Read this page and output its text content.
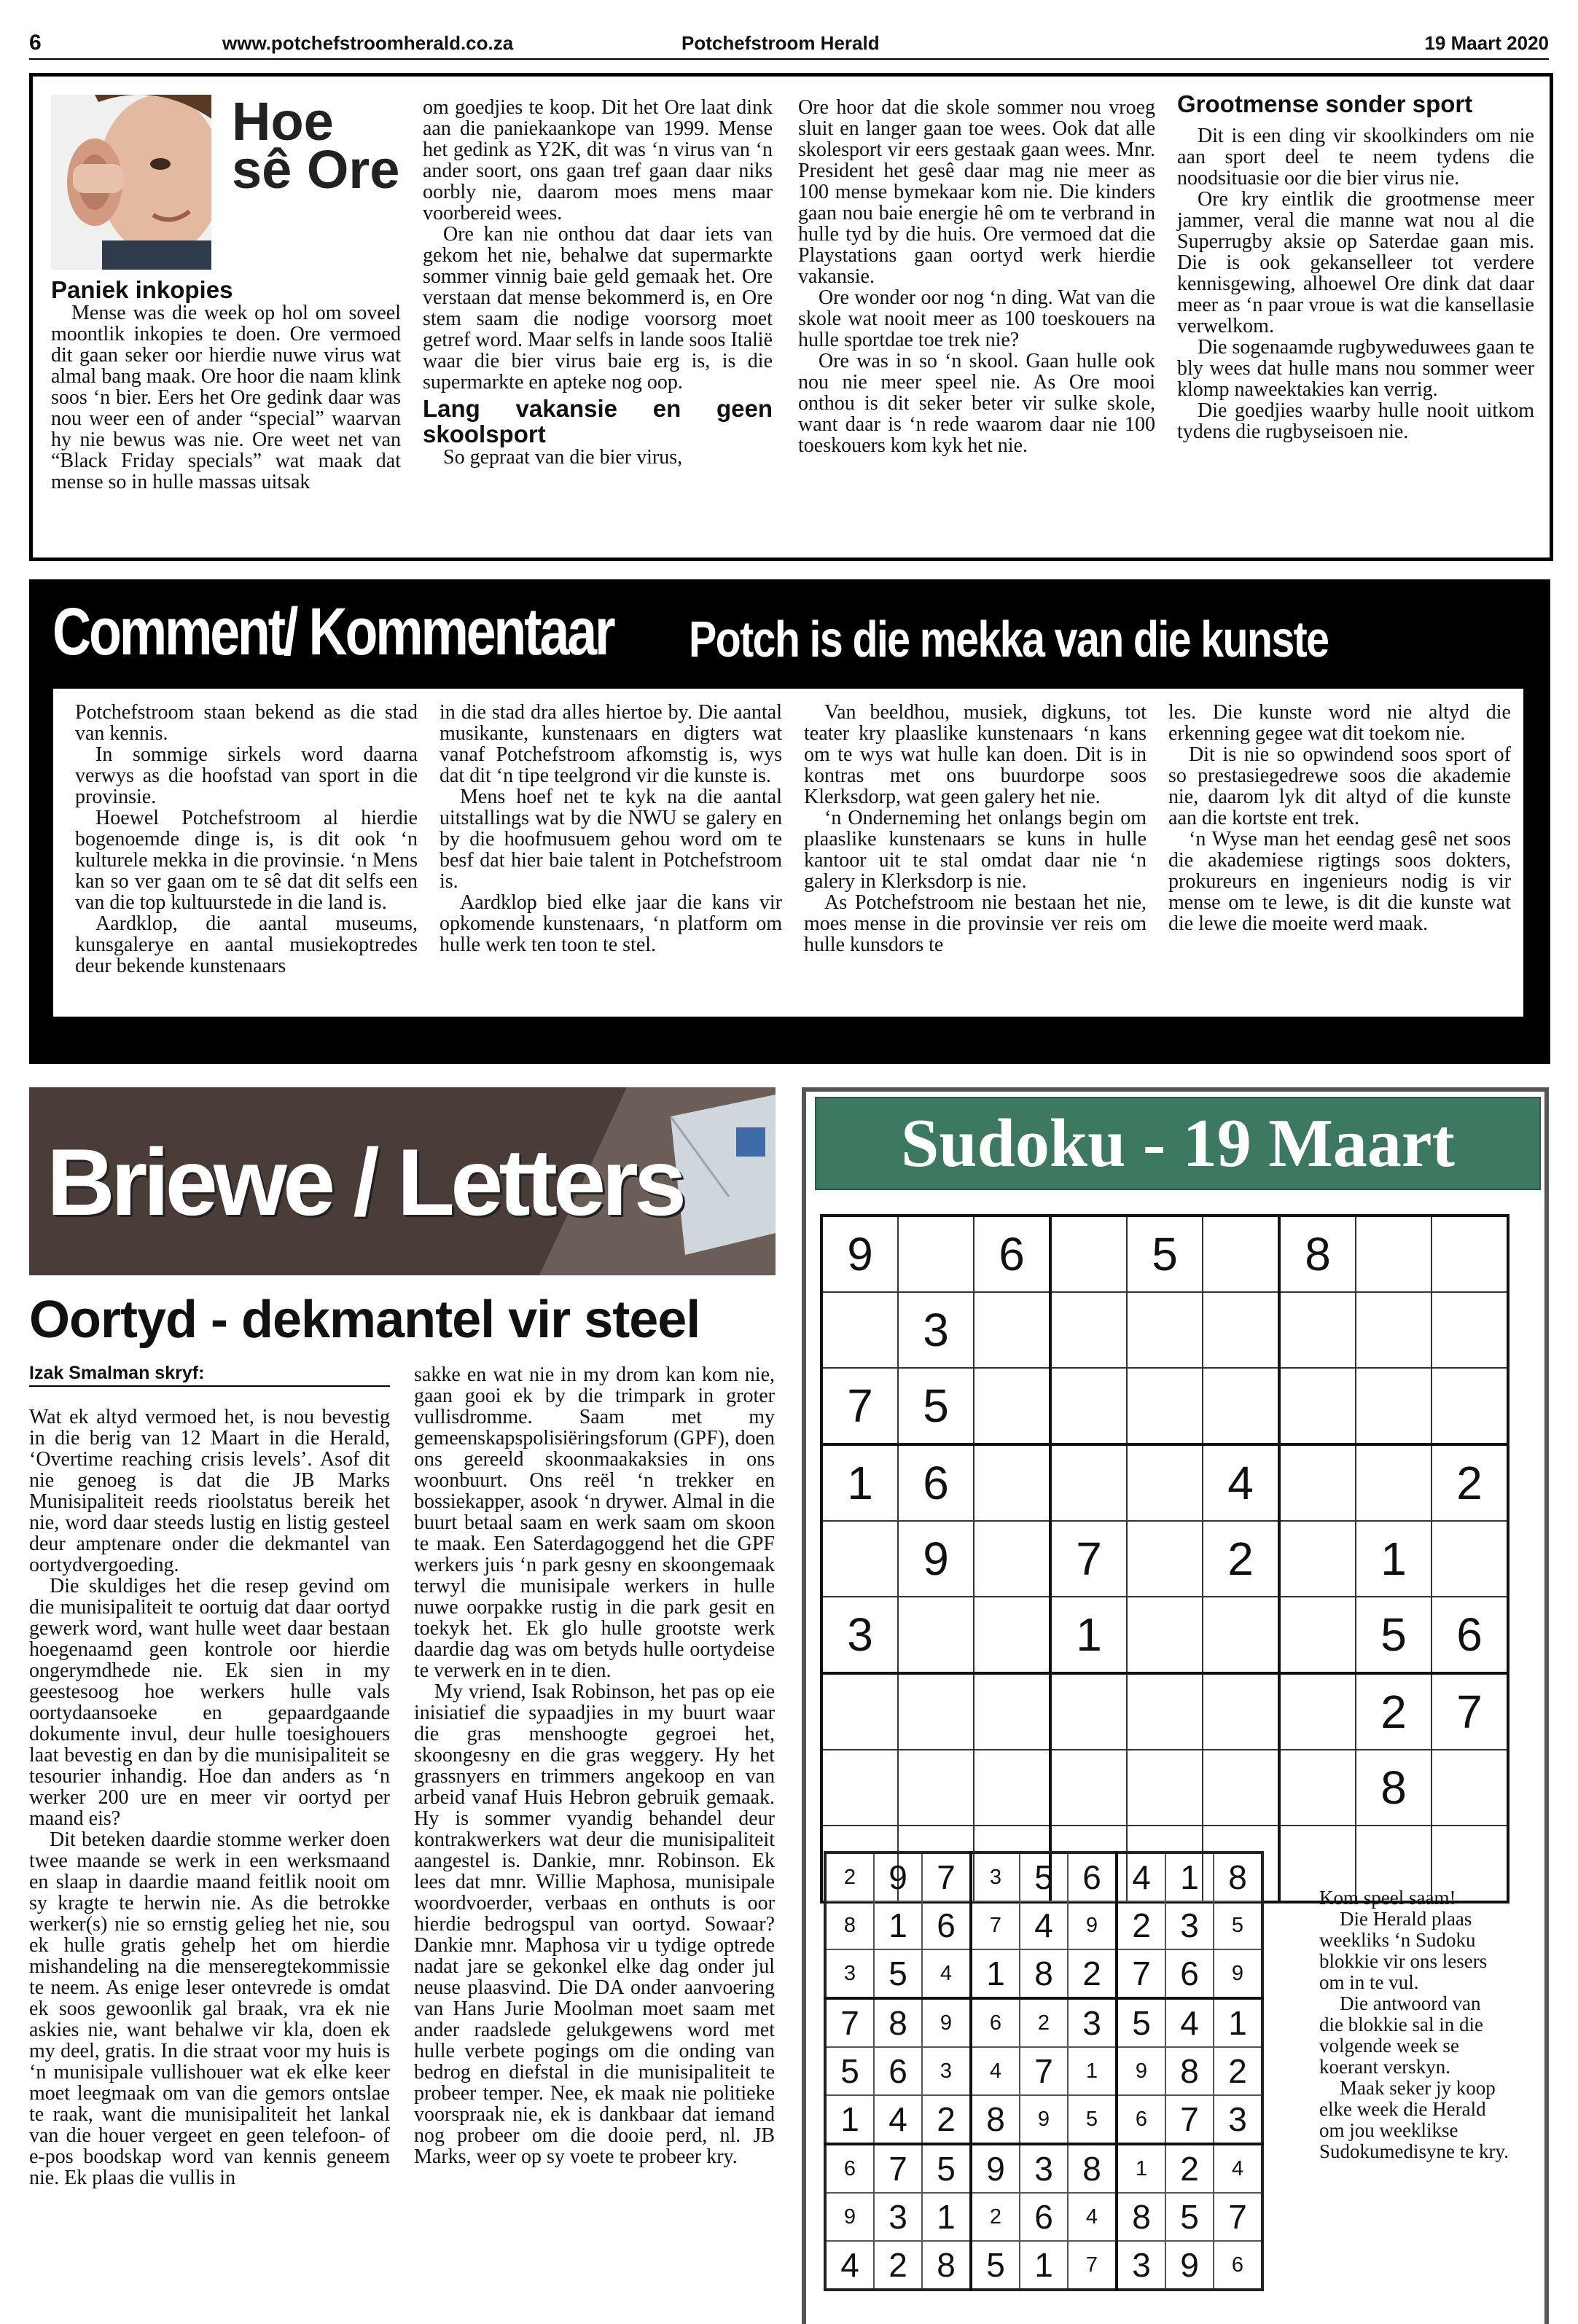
6	www.potchefstroomherald.co.za	Potchefstroom Herald	19 Maart 2020
Hoe sê Ore
Paniek inkopies

Mense was die week op hol om soveel moontlik inkopies te doen. Ore vermoed dit gaan seker oor hierdie nuwe virus wat almal bang maak. Ore hoor die naam klink soos ‘n bier. Eers het Ore gedink daar was nou weer een of ander “special” waarvan hy nie bewus was nie. Ore weet net van “Black Friday specials” wat maak dat mense so in hulle massas uitsak

om goedjies te koop. Dit het Ore laat dink aan die paniekaankope van 1999. Mense het gedink as Y2K, dit was ‘n virus van ‘n ander soort, ons gaan tref gaan daar niks oorbly nie, daarom moes mens maar voorbereid wees.

Ore kan nie onthou dat daar iets van gekom het nie, behalwe dat supermarkte sommer vinnig baie geld gemaak het. Ore verstaan dat mense bekommerd is, en Ore stem saam die nodige voorsorg moet getref word. Maar selfs in lande soos Italië waar die bier virus baie erg is, is die supermarkte en apteke nog oop.

Lang vakansie en geen skoolsport

So gepraat van die bier virus,

Ore hoor dat die skole sommer nou vroeg sluit en langer gaan toe wees. Ook dat alle skolesport vir eers gestaak gaan wees. Mnr. President het gesê daar mag nie meer as 100 mense bymekaar kom nie. Die kinders gaan nou baie energie hê om te verbrand in hulle tyd by die huis. Ore vermoed dat die Playstations gaan oortyd werk hierdie vakansie.

Ore wonder oor nog ‘n ding. Wat van die skole wat nooit meer as 100 toeskouers na hulle sportdae toe trek nie?

Ore was in so ‘n skool. Gaan hulle ook nou nie meer speel nie. As Ore mooi onthou is dit seker beter vir sulke skole, want daar is ‘n rede waarom daar nie 100 toeskouers kom kyk het nie.

Grootmense sonder sport

Dit is een ding vir skoolkinders om nie aan sport deel te neem tydens die noodsituasie oor die bier virus nie.

Ore kry eintlik die grootmense meer jammer, veral die manne wat nou al die Superrugby aksie op Saterdae gaan mis. Die is ook gekanselleer tot verdere kennisgewing, alhoewel Ore dink dat daar meer as ‘n paar vroue is wat die kansellasie verwelkom.

Die sogenaamde rugbyweduwees gaan te bly wees dat hulle mans nou sommer weer klomp naweektakies kan verrig.

Die goedjies waarby hulle nooit uitkom tydens die rugbyseisoen nie.

Comment/ Kommentaar Potch is die mekka van die kunste

Potchefstroom staan bekend as die stad van kennis.

In sommige sirkels word daarna verwys as die hoofstad van sport in die provinsie.

Hoewel Potchefstroom al hierdie bogenoemde dinge is, is dit ook ‘n kulturele mekka in die provinsie. ‘n Mens kan so ver gaan om te sê dat dit selfs een van die top kultuurstede in die land is.

Aardklop, die aantal museums, kunsgalerye en aantal musiekoptredes deur bekende kunstenaars

in die stad dra alles hiertoe by. Die aantal musikante, kunstenaars en digters wat vanaf Potchefstroom afkomstig is, wys dat dit ‘n tipe teelgrond vir die kunste is.

Mens hoef net te kyk na die aantal uitstallings wat by die NWU se galery en by die hoofmusuem gehou word om te besf dat hier baie talent in Potchefstroom is.

Aardklop bied elke jaar die kans vir opkomende kunstenaars, ‘n platform om hulle werk ten toon te stel.

Van beeldhou, musiek, digkuns, tot teater kry plaaslike kunstenaars ‘n kans om te wys wat hulle kan doen. Dit is in kontras met ons buurdorpe soos Klerksdorp, wat geen galery het nie.

‘n Onderneming het onlangs begin om plaaslike kunstenaars se kuns in hulle kantoor uit te stal omdat daar nie ‘n galery in Klerksdorp is nie.

As Potchefstroom nie bestaan het nie, moes mense in die provinsie ver reis om hulle kunsdors te

les. Die kunste word nie altyd die erkenning gegee wat dit toekom nie.

Dit is nie so opwindend soos sport of so prestasiegedrewe soos die akademie nie, daarom lyk dit altyd of die kunste aan die kortste ent trek.

‘n Wyse man het eendag gesê net soos die akademiese rigtings soos dokters, prokureurs en ingenieurs nodig is vir mense om te lewe, is dit die kunste wat die lewe die moeite werd maak.

Briewe / Letters
Oortyd - dekmantel vir steel
Izak Smalman skryf:

Wat ek altyd vermoed het, is nou bevestig in die berig van 12 Maart in die Herald, ‘Overtime reaching crisis levels’. Asof dit nie genoeg is dat die JB Marks Munisipaliteit reeds rioolstatus bereik het nie, word daar steeds lustig en listig gesteel deur amptenare onder die dekmantel van oortydvergoeding.

Die skuldiges het die resep gevind om die munisipaliteit te oortuig dat daar oortyd gewerk word, want hulle weet daar bestaan hoegenaamd geen kontrole oor hierdie ongerymdhede nie. Ek sien in my geestesoog hoe werkers hulle vals oortydaansoeke en gepaardgaande dokumente invul, deur hulle toesighouers laat bevestig en dan by die munisipaliteit se tesourier inhandig. Hoe dan anders as ‘n werker 200 ure en meer vir oortyd per maand eis?

Dit beteken daardie stomme werker doen twee maande se werk in een werksmaand en slaap in daardie maand feitlik nooit om sy kragte te herwin nie. As die betrokke werker(s) nie so ernstig gelieg het nie, sou ek hulle gratis gehelp het om hierdie mishandeling na die menseregtekommissie te neem. As enige leser ontevrede is omdat ek soos gewoonlik gal braak, vra ek nie askies nie, want behalwe vir kla, doen ek my deel, gratis. In die straat voor my huis is ‘n munisipale vullishouer wat ek elke keer moet leegmaak om van die gemors ontslae te raak, want die munisipaliteit het lankal van die houer vergeet en geen telefoon- of e-pos boodskap word van kennis geneem nie. Ek plaas die vullis in

sakke en wat nie in my drom kan kom nie, gaan gooi ek by die trimpark in groter vullisdromme. Saam met my gemeenskapspolisiëringsforum (GPF), doen ons gereeld skoonmaakaksies in ons woonbuurt. Ons reël ‘n trekker en bossiekapper, asook ‘n drywer. Almal in die buurt betaal saam en werk saam om skoon te maak. Een Saterdagoggend het die GPF werkers juis ‘n park gesny en skoongemaak terwyl die munisipale werkers in hulle nuwe oorpakke rustig in die park gesit en toekyk het. Ek glo hulle grootste werk daardie dag was om betyds hulle oortydeise te verwerk en in te dien.

My vriend, Isak Robinson, het pas op eie inisiatief die sypaadjies in my buurt waar die gras menshoogte gegroei het, skoongesny en die gras weggery. Hy het grassnyers en trimmers angekoop en van arbeid vanaf Huis Hebron gebruik gemaak. Hy is sommer vyandig behandel deur kontrakwerkers wat deur die munisipaliteit aangestel is. Dankie, mnr. Robinson. Ek lees dat mnr. Willie Maphosa, munisipale woordvoerder, verbaas en onthuts is oor hierdie bedrogspul van oortyd. Sowaar? Dankie mnr. Maphosa vir u tydige optrede nadat jare se gekonkel elke dag onder jul neuse plaasvind. Die DA onder aanvoering van Hans Jurie Moolman moet saam met ander raadslede gelukgewens word met hulle verbete pogings om die onding van bedrog en diefstal in die munisipaliteit te probeer temper. Nee, ek maak nie politieke voorspraak nie, ek is dankbaar dat iemand nog probeer om die dooie perd, nl. JB Marks, weer op sy voete te probeer kry.

Sudoku - 19 Maart
9		6		5		8		
	3							
7	5							
1	6				4			2
	9		7		2		1	
3			1				5	6
							2	7
							8	

2	9	7	3	5	6	4	1	8
8	1	6	7	4	9	2	3	5
3	5	4	1	8	2	7	6	9
7	8	9	6	2	3	5	4	1
5	6	3	4	7	1	9	8	2
1	4	2	8	9	5	6	7	3
6	7	5	9	3	8	1	2	4
9	3	1	2	6	4	8	5	7
4	2	8	5	1	7	3	9	6

Kom speel saam!

Die Herald plaas weekliks ‘n Sudoku blokkie vir ons lesers om in te vul.

Die antwoord van die blokkie sal in die volgende week se koerant verskyn.

Maak seker jy koop elke week die Herald om jou weeklikse Sudokumedisyne te kry.
